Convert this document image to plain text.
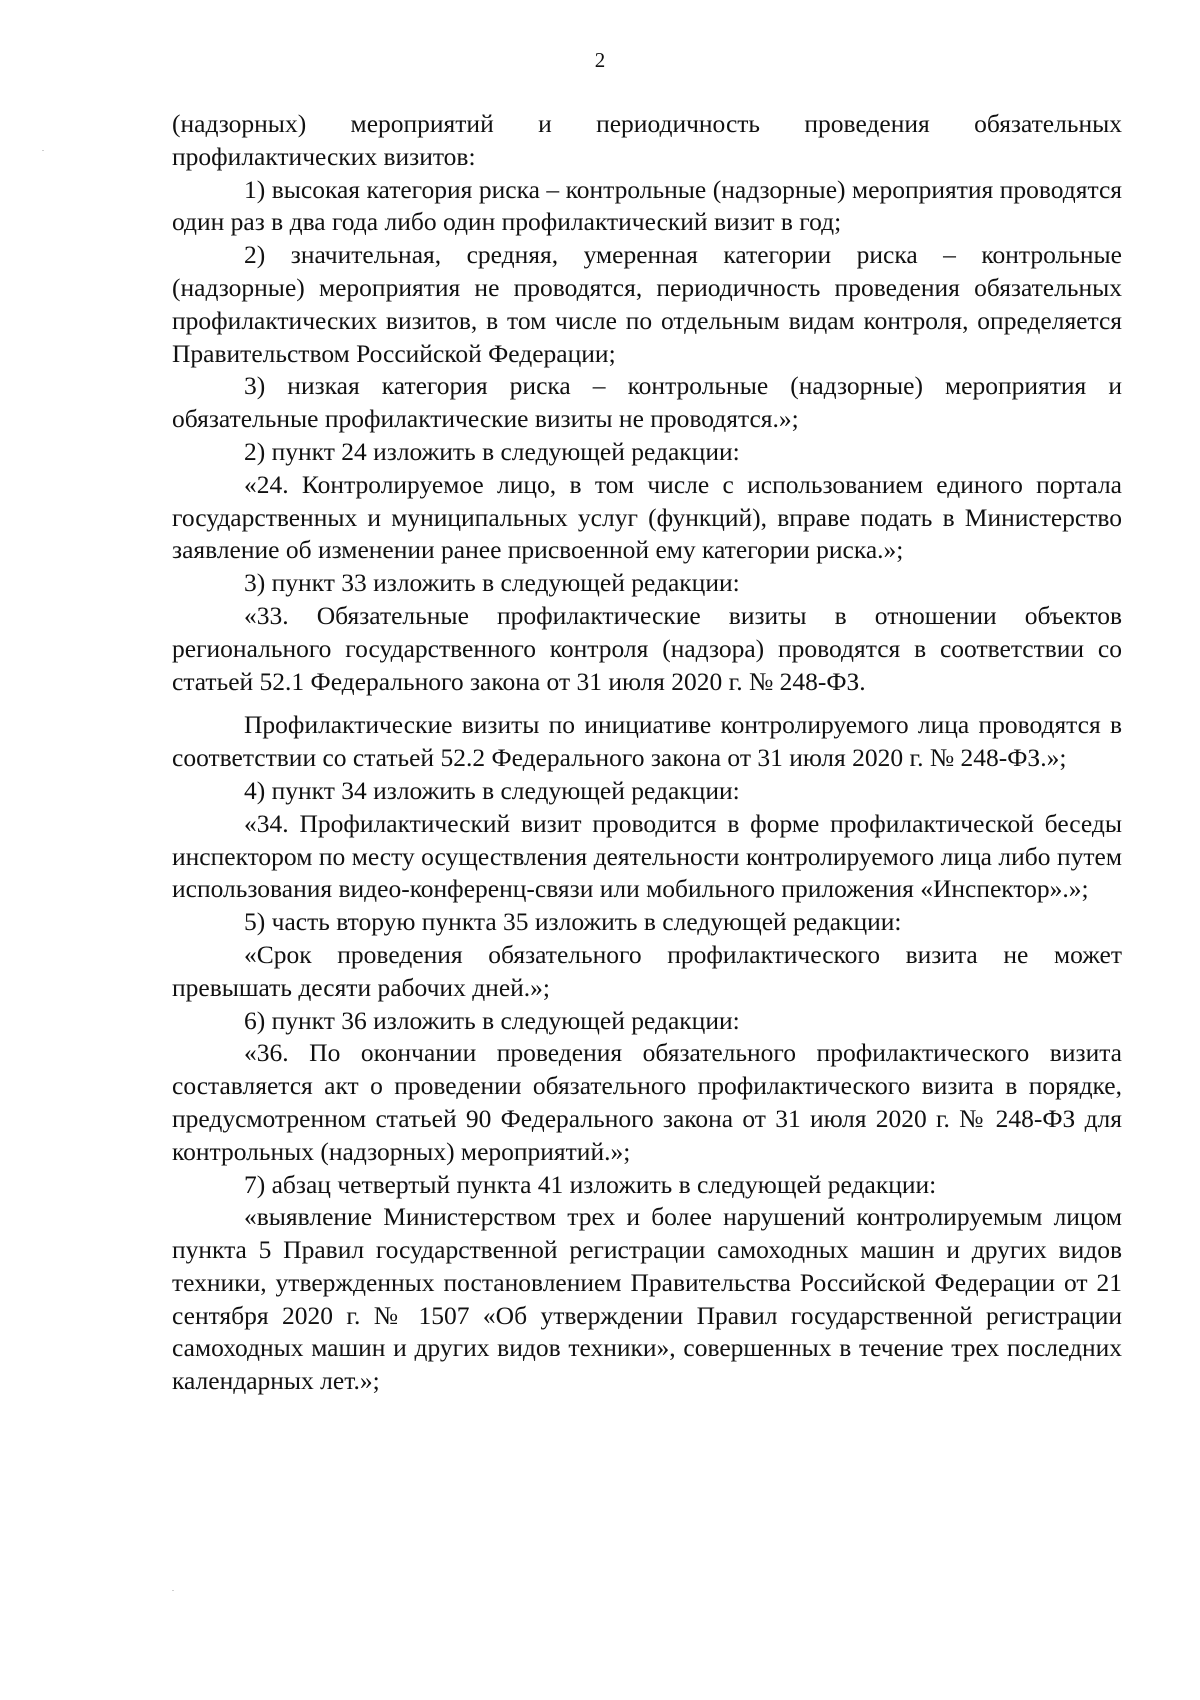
2

(надзорных) мероприятий и периодичность проведения обязательных профилактических визитов:

1) высокая категория риска – контрольные (надзорные) мероприятия проводятся один раз в два года либо один профилактический визит в год;

2) значительная, средняя, умеренная категории риска – контрольные (надзорные) мероприятия не проводятся, периодичность проведения обязательных профилактических визитов, в том числе по отдельным видам контроля, определяется Правительством Российской Федерации;

3) низкая категория риска – контрольные (надзорные) мероприятия и обязательные профилактические визиты не проводятся.»;

2) пункт 24 изложить в следующей редакции:

«24. Контролируемое лицо, в том числе с использованием единого портала государственных и муниципальных услуг (функций), вправе подать в Министерство заявление об изменении ранее присвоенной ему категории риска.»;

3) пункт 33 изложить в следующей редакции:

«33. Обязательные профилактические визиты в отношении объектов регионального государственного контроля (надзора) проводятся в соответствии со статьей 52.1 Федерального закона от 31 июля 2020 г. № 248-ФЗ.

Профилактические визиты по инициативе контролируемого лица проводятся в соответствии со статьей 52.2 Федерального закона от 31 июля 2020 г. № 248-ФЗ.»;

4) пункт 34 изложить в следующей редакции:

«34. Профилактический визит проводится в форме профилактической беседы инспектором по месту осуществления деятельности контролируемого лица либо путем использования видео-конференц-связи или мобильного приложения «Инспектор».»;

5) часть вторую пункта 35 изложить в следующей редакции:

«Срок проведения обязательного профилактического визита не может превышать десяти рабочих дней.»;

6) пункт 36 изложить в следующей редакции:

«36. По окончании проведения обязательного профилактического визита составляется акт о проведении обязательного профилактического визита в порядке, предусмотренном статьей 90 Федерального закона от 31 июля 2020 г. № 248-ФЗ для контрольных (надзорных) мероприятий.»;

7) абзац четвертый пункта 41 изложить в следующей редакции:

«выявление Министерством трех и более нарушений контролируемым лицом пункта 5 Правил государственной регистрации самоходных машин и других видов техники, утвержденных постановлением Правительства Российской Федерации от 21 сентября 2020 г. № 1507 «Об утверждении Правил государственной регистрации самоходных машин и других видов техники», совершенных в течение трех последних календарных лет.»;
